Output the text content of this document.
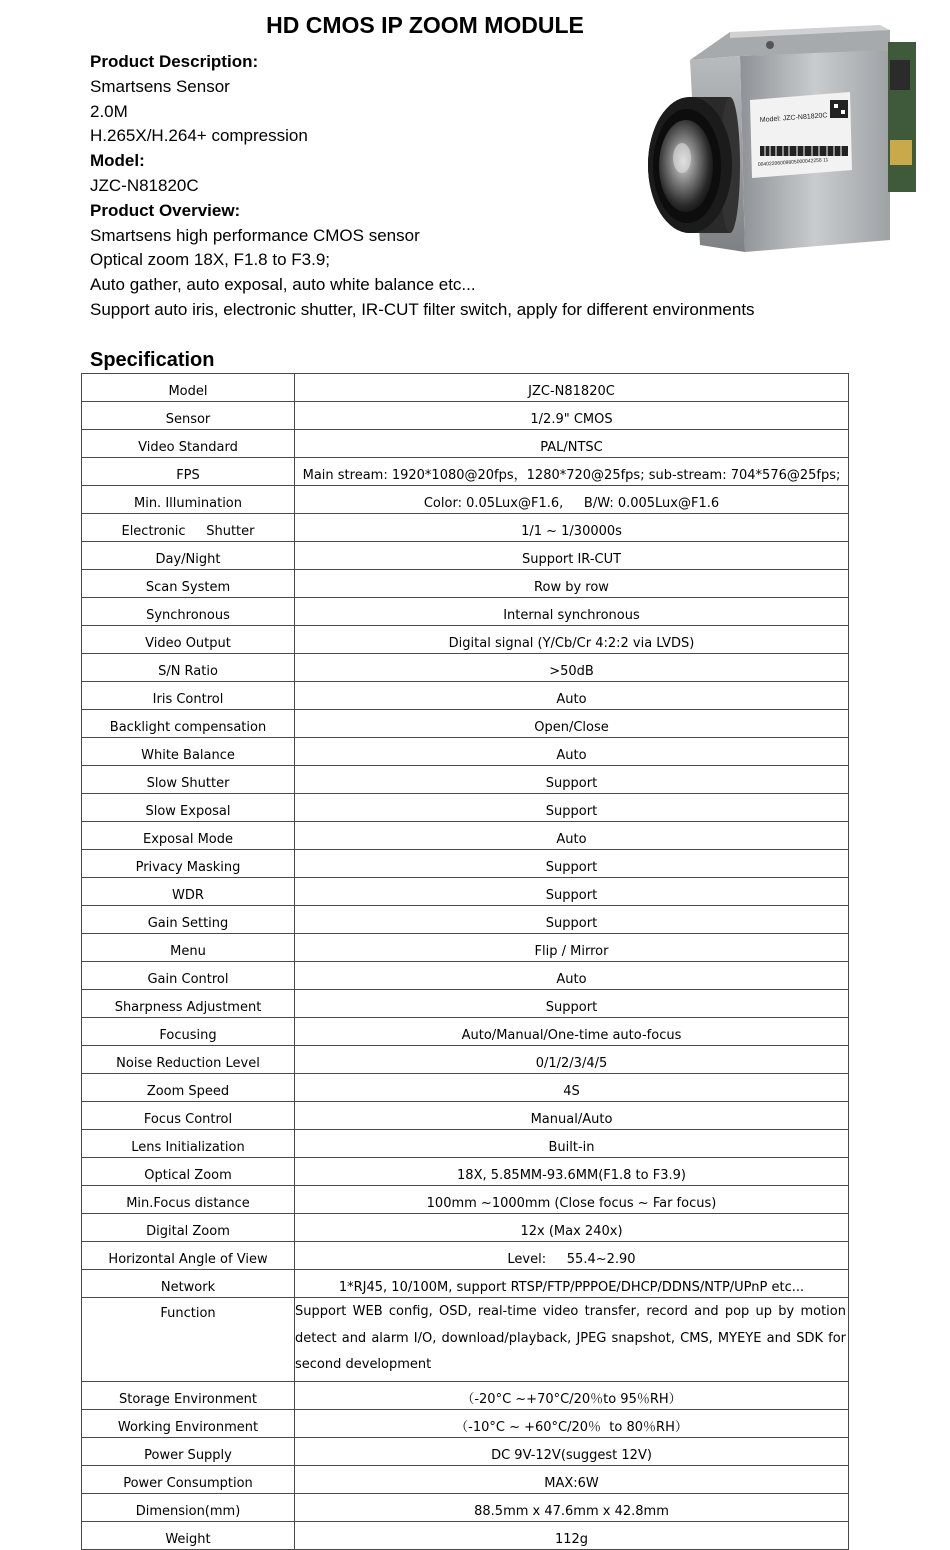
HD CMOS IP ZOOM MODULE
Product Description:
Smartsens Sensor
2.0M
H.265X/H.264+ compression
Model:
JZC-N81820C
Product Overview:
Smartsens high performance CMOS sensor
Optical zoom 18X, F1.8 to F3.9;
Auto gather, auto exposal, auto white balance etc...
Support auto iris, electronic shutter, IR-CUT filter switch, apply for different environments
Model: JZC-N81820C
00402206009805000042258 11
Specification
Model	JZC-N81820C
Sensor	1/2.9" CMOS
Video Standard	PAL/NTSC
FPS	Main stream: 1920*1080@20fps，1280*720@25fps; sub-stream: 704*576@25fps;
Min. Illumination	Color: 0.05Lux@F1.6,     B/W: 0.005Lux@F1.6
Electronic     Shutter	1/1 ~ 1/30000s
Day/Night	Support IR-CUT
Scan System	Row by row
Synchronous	Internal synchronous
Video Output	Digital signal (Y/Cb/Cr 4:2:2 via LVDS)
S/N Ratio	>50dB
Iris Control	Auto
Backlight compensation	Open/Close
White Balance	Auto
Slow Shutter	Support
Slow Exposal	Support
Exposal Mode	Auto
Privacy Masking	Support
WDR	Support
Gain Setting	Support
Menu	Flip / Mirror
Gain Control	Auto
Sharpness Adjustment	Support
Focusing	Auto/Manual/One-time auto-focus
Noise Reduction Level	0/1/2/3/4/5
Zoom Speed	4S
Focus Control	Manual/Auto
Lens Initialization	Built-in
Optical Zoom	18X, 5.85MM-93.6MM(F1.8 to F3.9)
Min.Focus distance	100mm ~1000mm (Close focus ~ Far focus)
Digital Zoom	12x (Max 240x)
Horizontal Angle of View	Level:     55.4~2.90
Network	1*RJ45, 10/100M, support RTSP/FTP/PPPOE/DHCP/DDNS/NTP/UPnP etc...
Function	Support WEB config, OSD, real-time video transfer, record and pop up by motion detect and alarm I/O, download/playback, JPEG snapshot, CMS, MYEYE and SDK for second development
Storage Environment	（-20°C ~+70°C/20％to 95％RH）
Working Environment	（-10°C ~ +60°C/20％  to 80％RH）
Power Supply	DC 9V-12V(suggest 12V)
Power Consumption	MAX:6W
Dimension(mm)	88.5mm x 47.6mm x 42.8mm
Weight	112g
